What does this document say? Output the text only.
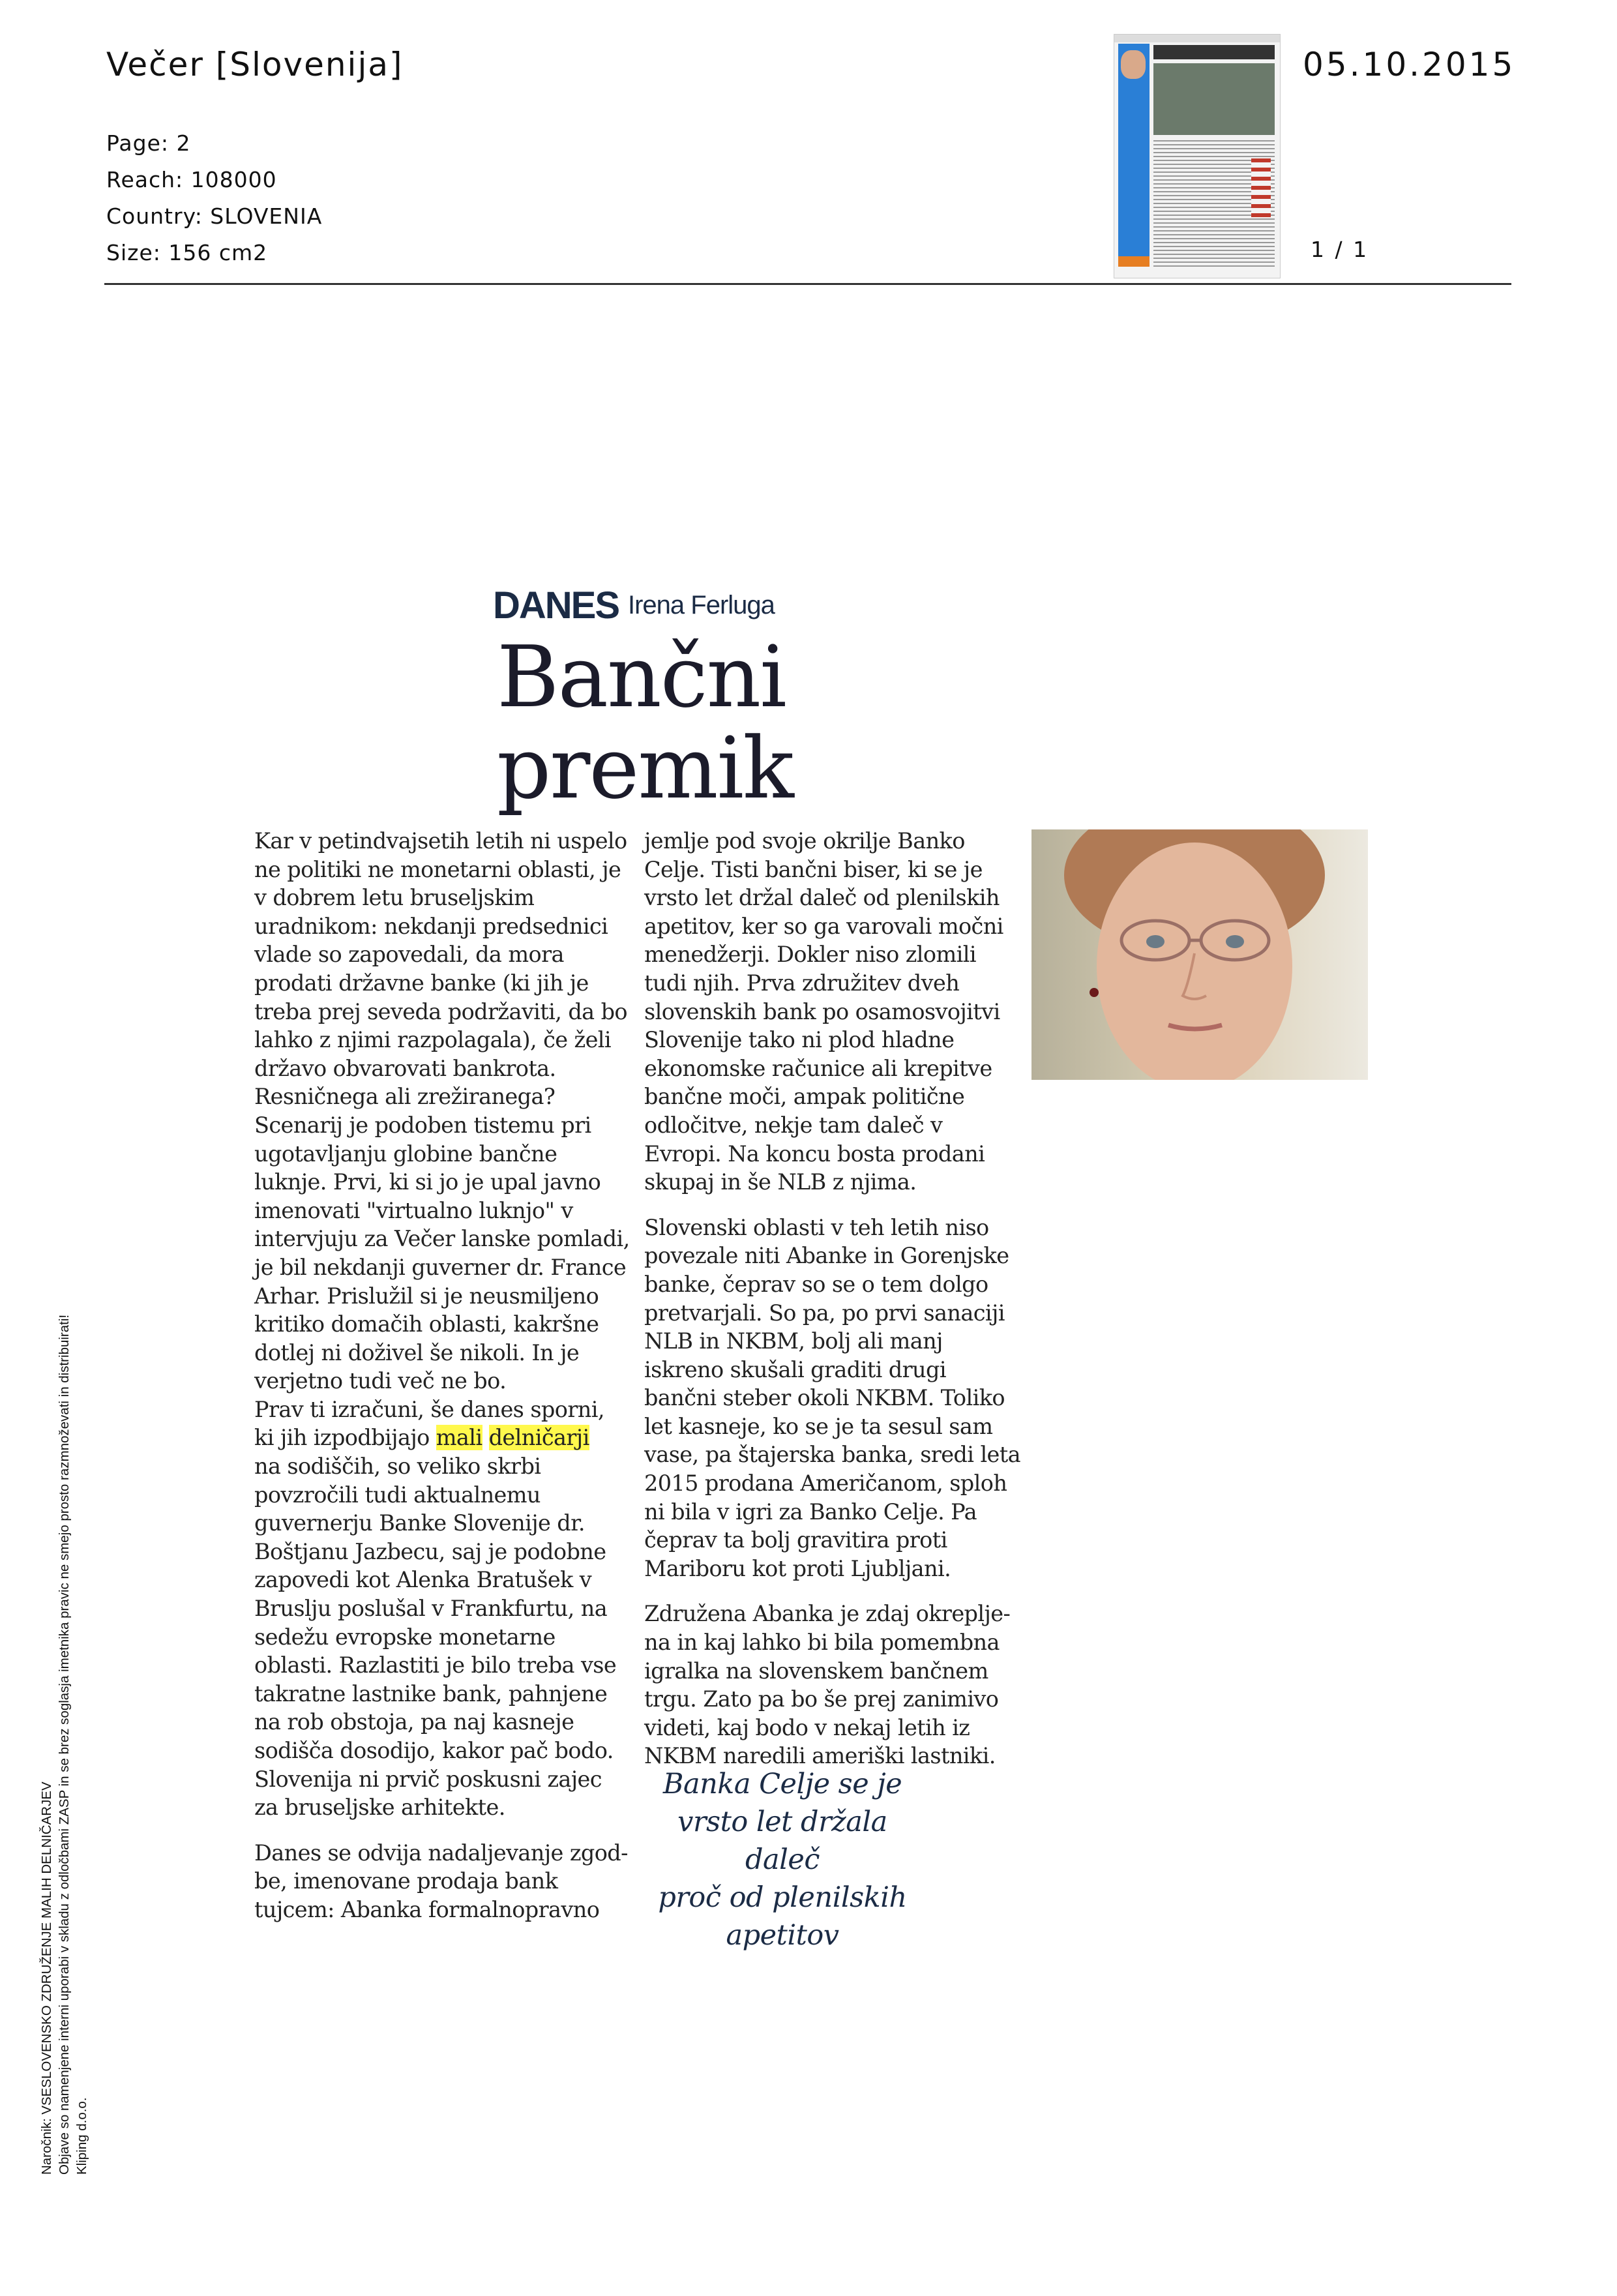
Večer [Slovenija]	05.10.2015
Page: 2
Reach: 108000
Country: SLOVENIA
Size: 156 cm2	1 / 1
Naročnik: VSESLOVENSKO ZDRUŽENJE MALIH DELNIČARJEV Objave so namenjene interni uporabi v skladu z odločbami ZASP in se brez soglasja imetnika pravic ne smejo prosto razmnoževati in distribuirati! Kliping d.o.o.
DANES Irena Ferluga
Bančni
premik

Kar v petindvajsetih letih ni uspelo

ne politiki ne monetarni oblasti, je

v dobrem letu bruseljskim

uradnikom: nekdanji predsednici

vlade so zapovedali, da mora

prodati državne banke (ki jih je

treba prej seveda podržaviti, da bo

lahko z njimi razpolagala), če želi

državo obvarovati bankrota.

Resničnega ali zrežiranega?

Scenarij je podoben tistemu pri

ugotavljanju globine bančne

luknje. Prvi, ki si jo je upal javno

imenovati "virtualno luknjo" v

intervjuju za Večer lanske pomladi,

je bil nekdanji guverner dr. France

Arhar. Prislužil si je neusmiljeno

kritiko domačih oblasti, kakršne

dotlej ni doživel še nikoli. In je

verjetno tudi več ne bo.

Prav ti izračuni, še danes sporni,

ki jih izpodbijajo mali delničarji

na sodiščih, so veliko skrbi

povzročili tudi aktualnemu

guvernerju Banke Slovenije dr.

Boštjanu Jazbecu, saj je podobne

zapovedi kot Alenka Bratušek v

Bruslju poslušal v Frankfurtu, na

sedežu evropske monetarne

oblasti. Razlastiti je bilo treba vse

takratne lastnike bank, pahnjene

na rob obstoja, pa naj kasneje

sodišča dosodijo, kakor pač bodo.

Slovenija ni prvič poskusni zajec

za bruseljske arhitekte.

Danes se odvija nadaljevanje zgod-

be, imenovane prodaja bank

tujcem: Abanka formalnopravno

jemlje pod svoje okrilje Banko

Celje. Tisti bančni biser, ki se je

vrsto let držal daleč od plenilskih

apetitov, ker so ga varovali močni

menedžerji. Dokler niso zlomili

tudi njih. Prva združitev dveh

slovenskih bank po osamosvojitvi

Slovenije tako ni plod hladne

ekonomske računice ali krepitve

bančne moči, ampak politične

odločitve, nekje tam daleč v

Evropi. Na koncu bosta prodani

skupaj in še NLB z njima.

Slovenski oblasti v teh letih niso

povezale niti Abanke in Gorenjske

banke, čeprav so se o tem dolgo

pretvarjali. So pa, po prvi sanaciji

NLB in NKBM, bolj ali manj

iskreno skušali graditi drugi

bančni steber okoli NKBM. Toliko

let kasneje, ko se je ta sesul sam

vase, pa štajerska banka, sredi leta

2015 prodana Američanom, sploh

ni bila v igri za Banko Celje. Pa

čeprav ta bolj gravitira proti

Mariboru kot proti Ljubljani.

Združena Abanka je zdaj okreplje-

na in kaj lahko bi bila pomembna

igralka na slovenskem bančnem

trgu. Zato pa bo še prej zanimivo

videti, kaj bodo v nekaj letih iz

NKBM naredili ameriški lastniki.

Banka Celje se je
vrsto let držala daleč
proč od plenilskih
apetitov
